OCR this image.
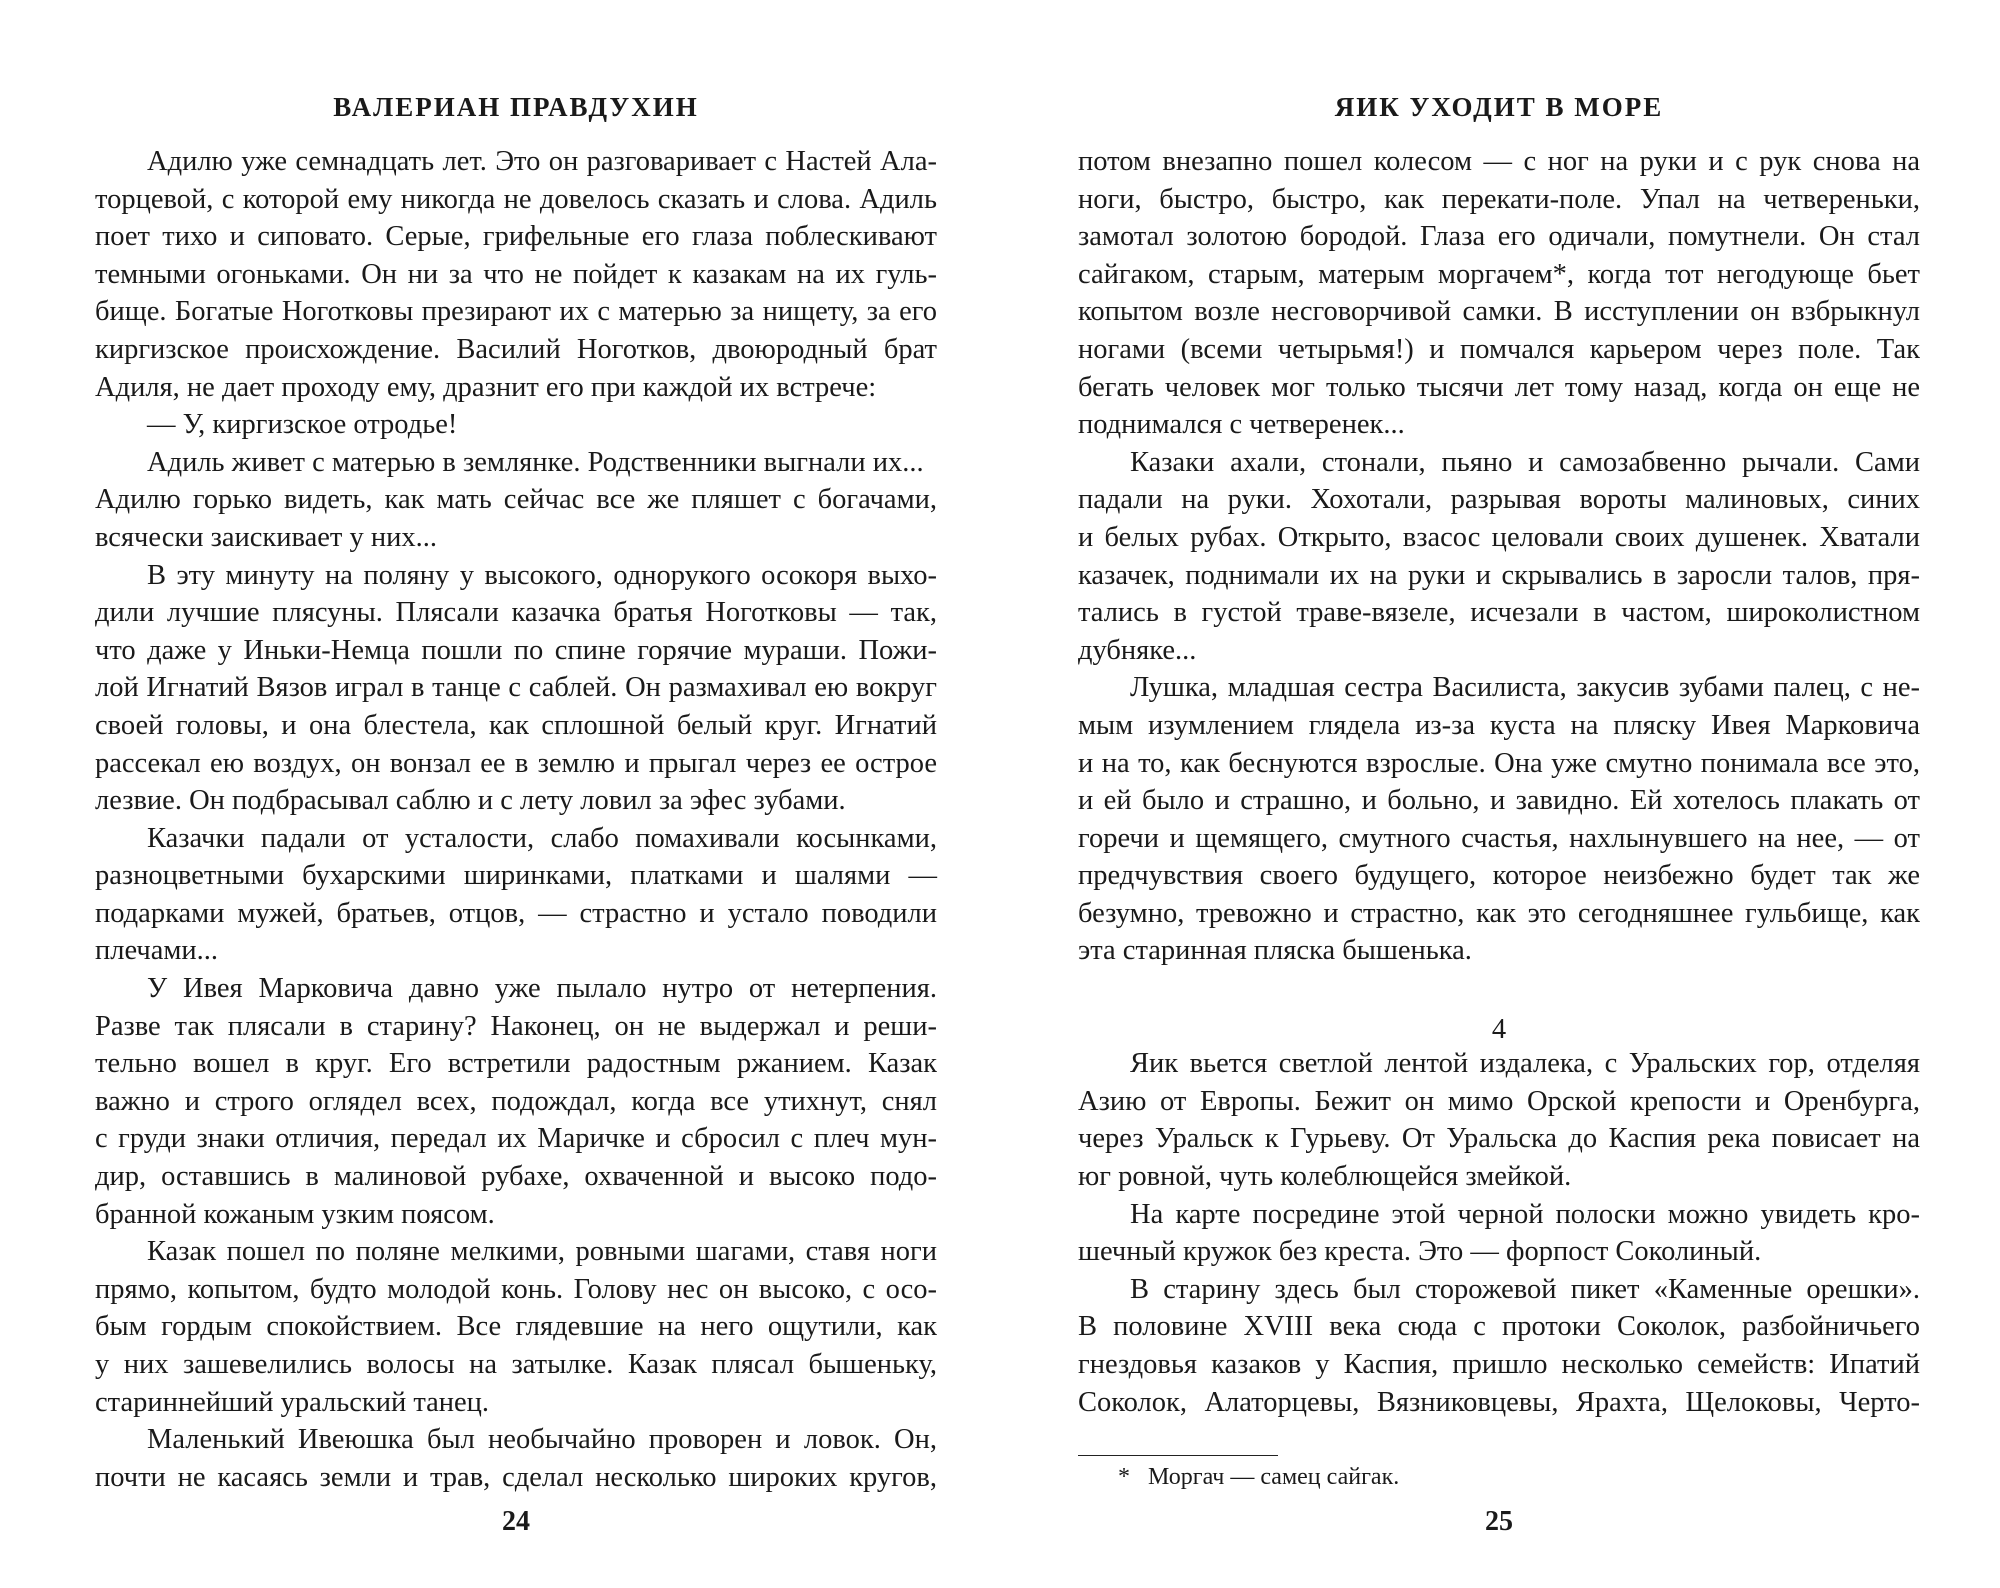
ВАЛЕРИАН ПРАВДУХИН
Адилю уже семнадцать лет. Это он разговаривает с Настей Ала-
торцевой, с которой ему никогда не довелось сказать и слова. Адиль
поет тихо и сиповато. Серые, грифельные его глаза поблескивают
темными огоньками. Он ни за что не пойдет к казакам на их гуль-
бище. Богатые Ноготковы презирают их с матерью за нищету, за его
киргизское происхождение. Василий Ноготков, двоюродный брат
Адиля, не дает проходу ему, дразнит его при каждой их встрече:
— У, киргизское отродье!
Адиль живет с матерью в землянке. Родственники выгнали их...
Адилю горько видеть, как мать сейчас все же пляшет с богачами,
всячески заискивает у них...
В эту минуту на поляну у высокого, однорукого осокоря выхо-
дили лучшие плясуны. Плясали казачка братья Ноготковы — так,
что даже у Иньки-Немца пошли по спине горячие мураши. Пожи-
лой Игнатий Вязов играл в танце с саблей. Он размахивал ею вокруг
своей головы, и она блестела, как сплошной белый круг. Игнатий
рассекал ею воздух, он вонзал ее в землю и прыгал через ее острое
лезвие. Он подбрасывал саблю и с лету ловил за эфес зубами.
Казачки падали от усталости, слабо помахивали косынками,
разноцветными бухарскими ширинками, платками и шалями —
подарками мужей, братьев, отцов, — страстно и устало поводили
плечами...
У Ивея Марковича давно уже пылало нутро от нетерпения.
Разве так плясали в старину? Наконец, он не выдержал и реши-
тельно вошел в круг. Его встретили радостным ржанием. Казак
важно и строго оглядел всех, подождал, когда все утихнут, снял
с груди знаки отличия, передал их Маричке и сбросил с плеч мун-
дир, оставшись в малиновой рубахе, охваченной и высоко подо-
бранной кожаным узким поясом.
Казак пошел по поляне мелкими, ровными шагами, ставя ноги
прямо, копытом, будто молодой конь. Голову нес он высоко, с осо-
бым гордым спокойствием. Все глядевшие на него ощутили, как
у них зашевелились волосы на затылке. Казак плясал бышеньку,
стариннейший уральский танец.
Маленький Ивеюшка был необычайно проворен и ловок. Он,
почти не касаясь земли и трав, сделал несколько широких кругов,
24
ЯИК УХОДИТ В МОРЕ
потом внезапно пошел колесом — с ног на руки и с рук снова на
ноги, быстро, быстро, как перекати-поле. Упал на четвереньки,
замотал золотою бородой. Глаза его одичали, помутнели. Он стал
сайгаком, старым, матерым моргачем*, когда тот негодующе бьет
копытом возле несговорчивой самки. В исступлении он взбрыкнул
ногами (всеми четырьмя!) и помчался карьером через поле. Так
бегать человек мог только тысячи лет тому назад, когда он еще не
поднимался с четверенек...
Казаки ахали, стонали, пьяно и самозабвенно рычали. Сами
падали на руки. Хохотали, разрывая вороты малиновых, синих
и белых рубах. Открыто, взасос целовали своих душенек. Хватали
казачек, поднимали их на руки и скрывались в заросли талов, пря-
тались в густой траве-вязеле, исчезали в частом, широколистном
дубняке...
Лушка, младшая сестра Василиста, закусив зубами палец, с не-
мым изумлением глядела из-за куста на пляску Ивея Марковича
и на то, как беснуются взрослые. Она уже смутно понимала все это,
и ей было и страшно, и больно, и завидно. Ей хотелось плакать от
горечи и щемящего, смутного счастья, нахлынувшего на нее, — от
предчувствия своего будущего, которое неизбежно будет так же
безумно, тревожно и страстно, как это сегодняшнее гульбище, как
эта старинная пляска бышенька.
4
Яик вьется светлой лентой издалека, с Уральских гор, отделяя
Азию от Европы. Бежит он мимо Орской крепости и Оренбурга,
через Уральск к Гурьеву. От Уральска до Каспия река повисает на
юг ровной, чуть колеблющейся змейкой.
На карте посредине этой черной полоски можно увидеть кро-
шечный кружок без креста. Это — форпост Соколиный.
В старину здесь был сторожевой пикет «Каменные орешки».
В половине XVIII века сюда с протоки Соколок, разбойничьего
гнездовья казаков у Каспия, пришло несколько семейств: Ипатий
Соколок, Алаторцевы, Вязниковцевы, Ярахта, Щелоковы, Черто-
* Моргач — самец сайгак.
25
